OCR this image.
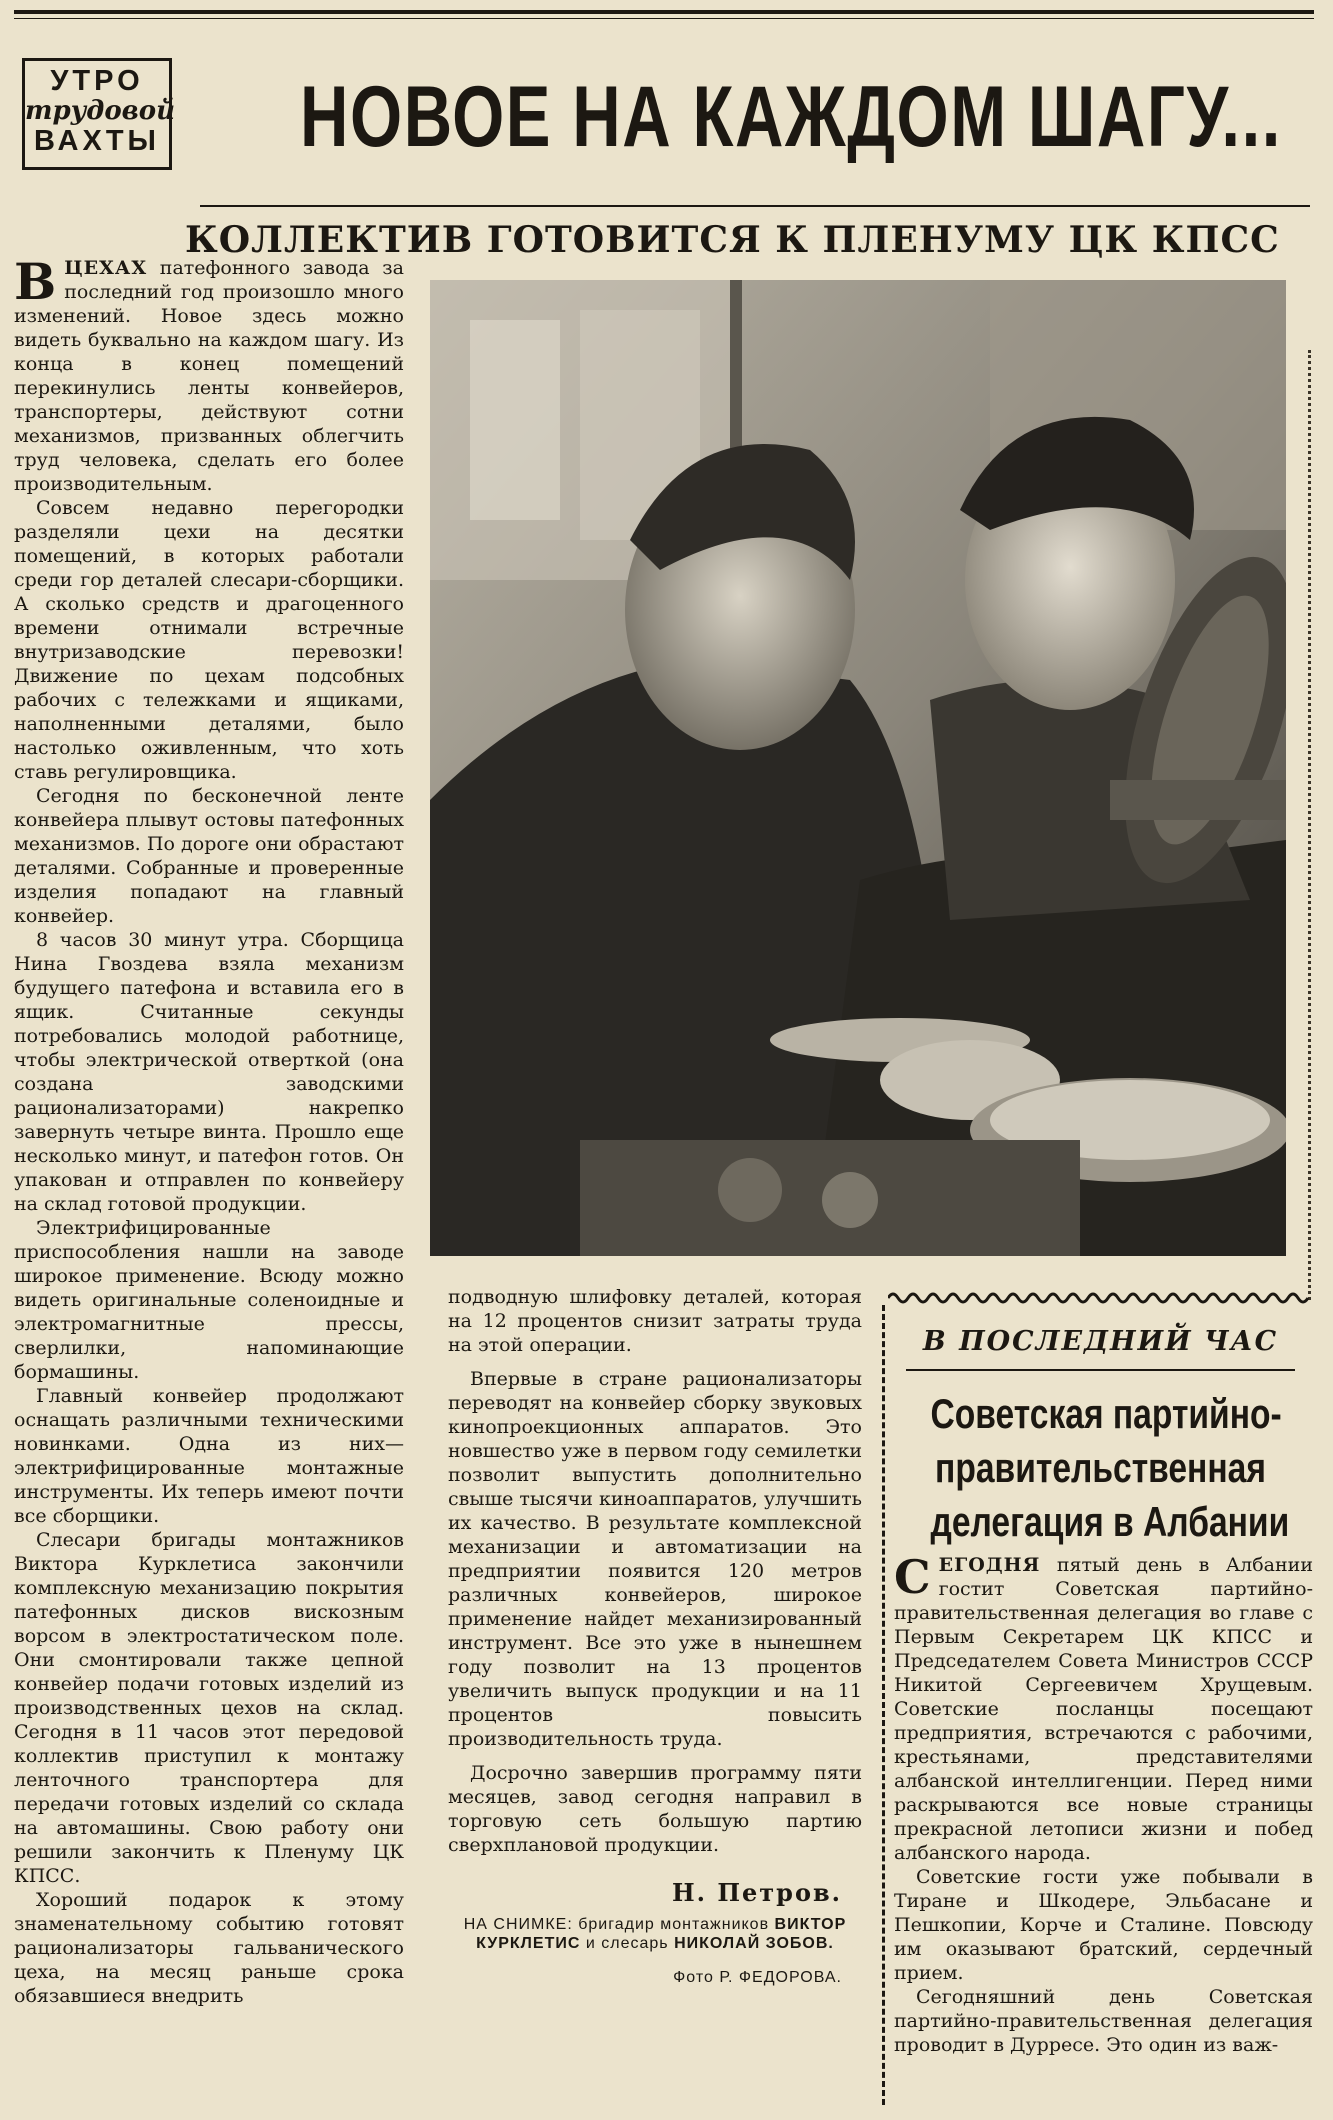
УТРО
трудовой
ВАХТЫ НОВОЕ НА КАЖДОМ ШАГУ...
КОЛЛЕКТИВ ГОТОВИТСЯ К ПЛЕНУМУ ЦК КПСС

В ЦЕХАХ патефонного завода за последний год произошло много изменений. Новое здесь можно видеть буквально на каждом шагу. Из конца в конец помещений перекинулись ленты конвейеров, транспортеры, действуют сотни механизмов, призванных облегчить труд человека, сделать его более производительным.

Совсем недавно перегородки разделяли цехи на десятки помещений, в которых работали среди гор деталей слесари-сборщики. А сколько средств и драгоценного времени отнимали встречные внутризаводские перевозки! Движение по цехам подсобных рабочих с тележками и ящиками, наполненными деталями, было настолько оживленным, что хоть ставь регулировщика.

Сегодня по бесконечной ленте конвейера плывут остовы патефонных механизмов. По дороге они обрастают деталями. Собранные и проверенные изделия попадают на главный конвейер.

8 часов 30 минут утра. Сборщица Нина Гвоздева взяла механизм будущего патефона и вставила его в ящик. Считанные секунды потребовались молодой работнице, чтобы электрической отверткой (она создана заводскими рационализаторами) накрепко завернуть четыре винта. Прошло еще несколько минут, и патефон готов. Он упакован и отправлен по конвейеру на склад готовой продукции.

Электрифицированные приспособления нашли на заводе широкое применение. Всюду можно видеть оригинальные соленоидные и электромагнитные прессы, сверлилки, напоминающие бормашины.

Главный конвейер продолжают оснащать различными техническими новинками. Одна из них—электрифицированные монтажные инструменты. Их теперь имеют почти все сборщики.

Слесари бригады монтажников Виктора Курклетиса закончили комплексную механизацию покрытия патефонных дисков вискозным ворсом в электростатическом поле. Они смонтировали также цепной конвейер подачи готовых изделий из производственных цехов на склад. Сегодня в 11 часов этот передовой коллектив приступил к монтажу ленточного транспортера для передачи готовых изделий со склада на автомашины. Свою работу они решили закончить к Пленуму ЦК КПСС.

Хороший подарок к этому знаменательному событию готовят рационализаторы гальванического цеха, на месяц раньше срока обязавшиеся внедрить

подводную шлифовку деталей, которая на 12 процентов снизит затраты труда на этой операции.

Впервые в стране рационализаторы переводят на конвейер сборку звуковых кинопроекционных аппаратов. Это новшество уже в первом году семилетки позволит выпустить дополнительно свыше тысячи киноаппаратов, улучшить их качество. В результате комплексной механизации и автоматизации на предприятии появится 120 метров различных конвейеров, широкое применение найдет механизированный инструмент. Все это уже в нынешнем году позволит на 13 процентов увеличить выпуск продукции и на 11 процентов повысить производительность труда.

Досрочно завершив программу пяти месяцев, завод сегодня направил в торговую сеть большую партию сверхплановой продукции.

Н. Петров.
НА СНИМКЕ: бригадир монтажников ВИКТОР КУРКЛЕТИС и слесарь НИКОЛАЙ ЗОБОВ.
Фото Р. ФЕДОРОВА.
В ПОСЛЕДНИЙ ЧАС
Советская партийно-
правительственная
делегация в Албании

С ЕГОДНЯ пятый день в Албании гостит Советская партийно-правительственная делегация во главе с Первым Секретарем ЦК КПСС и Председателем Совета Министров СССР Никитой Сергеевичем Хрущевым. Советские посланцы посещают предприятия, встречаются с рабочими, крестьянами, представителями албанской интеллигенции. Перед ними раскрываются все новые страницы прекрасной летописи жизни и побед албанского народа.

Советские гости уже побывали в Тиране и Шкодере, Эльбасане и Пешкопии, Корче и Сталине. Повсюду им оказывают братский, сердечный прием.

Сегодняшний день Советская партийно-правительственная делегация проводит в Дурресе. Это один из важ-
